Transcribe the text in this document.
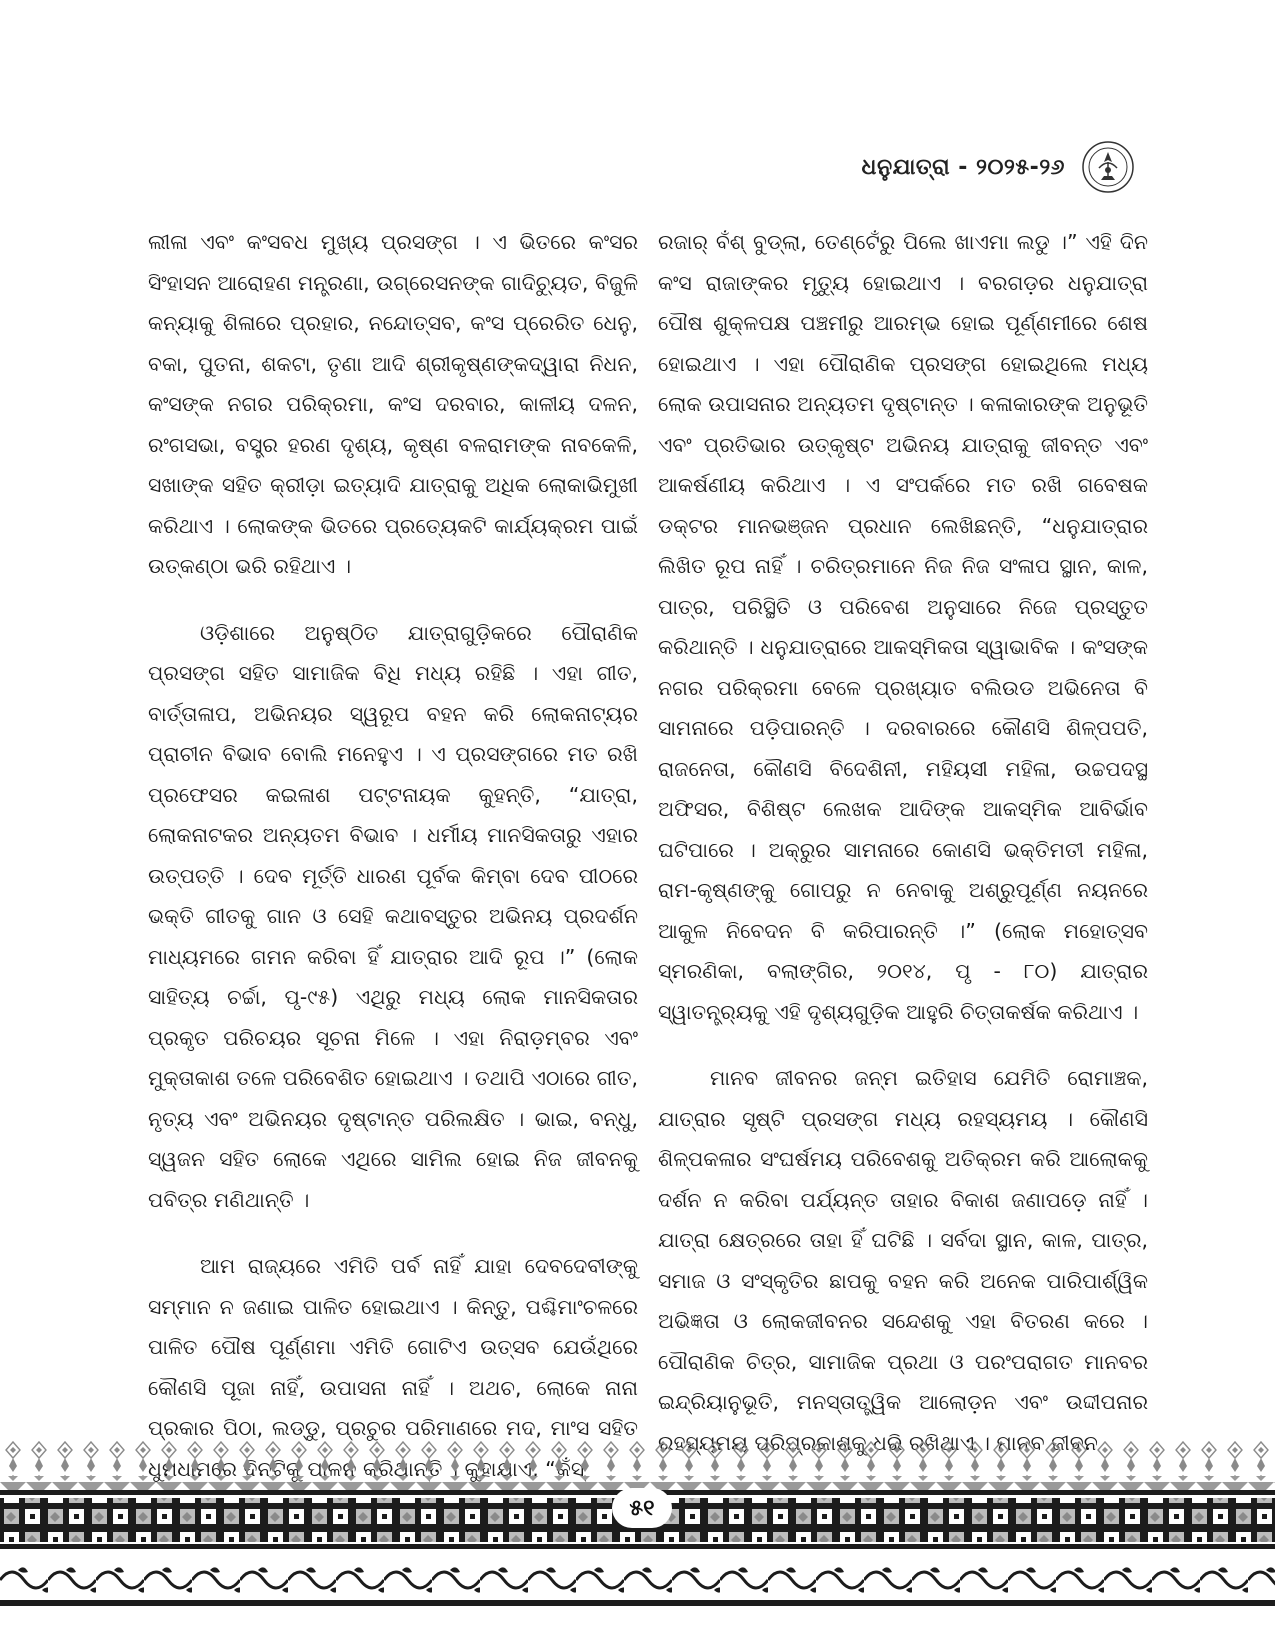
ଧନୁଯାତ୍ରା - ୨୦୨୫-୨୬

ଲୀଳା ଏବଂ କଂସବଧ ମୁଖ୍ୟ ପ୍ରସଙ୍ଗ । ଏ ଭିତରେ କଂସର ସିଂହାସନ ଆରୋହଣ ମନ୍ତ୍ରଣା, ଉଗ୍ରେସନଙ୍କ ଗାଦିଚ୍ୟୁତ, ବିଜୁଳି କନ୍ୟାକୁ ଶିଳାରେ ପ୍ରହାର, ନନ୍ଦୋତ୍ସବ, କଂସ ପ୍ରେରିତ ଧେନୁ, ବକା, ପୁତନା, ଶକଟା, ତୃଣା ଆଦି ଶ୍ରୀକୃଷ୍ଣଙ୍କଦ୍ୱାରା ନିଧନ, କଂସଙ୍କ ନଗର ପରିକ୍ରମା, କଂସ ଦରବାର, କାଳୀୟ ଦଳନ, ରଂଗସଭା, ବସ୍ତ୍ର ହରଣ ଦୃଶ୍ୟ, କୃଷ୍ଣ ବଳରାମଙ୍କ ନାବକେଳି, ସଖାଙ୍କ ସହିତ କ୍ରୀଡ଼ା ଇତ୍ୟାଦି ଯାତ୍ରାକୁ ଅଧିକ ଲୋକାଭିମୁଖୀ କରିଥାଏ । ଲୋକଙ୍କ ଭିତରେ ପ୍ରତ୍ୟେକଟି କାର୍ଯ୍ୟକ୍ରମ ପାଇଁ ଉତ୍କଣ୍ଠା ଭରି ରହିଥାଏ ।

ଓଡ଼ିଶାରେ ଅନୁଷ୍ଠିତ ଯାତ୍ରାଗୁଡ଼ିକରେ ପୌରାଣିକ ପ୍ରସଙ୍ଗ ସହିତ ସାମାଜିକ ବିଧି ମଧ୍ୟ ରହିଛି । ଏହା ଗୀତ, ବାର୍ତ୍ତାଳାପ, ଅଭିନୟର ସ୍ୱରୂପ ବହନ କରି ଲୋକନାଟ୍ୟର ପ୍ରାଚୀନ ବିଭାବ ବୋଲି ମନେହୁଏ । ଏ ପ୍ରସଙ୍ଗରେ ମତ ରଖି ପ୍ରଫେସର କଇଳାଶ ପଟ୍ଟନାୟକ କୁହନ୍ତି, “ଯାତ୍ରା, ଲୋକନାଟକର ଅନ୍ୟତମ ବିଭାବ । ଧର୍ମୀୟ ମାନସିକତାରୁ ଏହାର ଉତ୍ପତ୍ତି । ଦେବ ମୂର୍ତ୍ତି ଧାରଣ ପୂର୍ବକ କିମ୍ବା ଦେବ ପୀଠରେ ଭକ୍ତି ଗୀତକୁ ଗାନ ଓ ସେହି କଥାବସ୍ତୁର ଅଭିନୟ ପ୍ରଦର୍ଶନ ମାଧ୍ୟମରେ ଗମନ କରିବା ହିଁ ଯାତ୍ରାର ଆଦି ରୂପ ।” (ଲୋକ ସାହିତ୍ୟ ଚର୍ଚ୍ଚା, ପୃ-୯୫) ଏଥିରୁ ମଧ୍ୟ ଲୋକ ମାନସିକତାର ପ୍ରକୃତ ପରିଚୟର ସୂଚନା ମିଳେ । ଏହା ନିରାଡ଼ମ୍ବର ଏବଂ ମୁକ୍ତାକାଶ ତଳେ ପରିବେଶିତ ହୋଇଥାଏ । ତଥାପି ଏଠାରେ ଗୀତ, ନୃତ୍ୟ ଏବଂ ଅଭିନୟର ଦୃଷ୍ଟାନ୍ତ ପରିଲକ୍ଷିତ । ଭାଇ, ବନ୍ଧୁ, ସ୍ୱଜନ ସହିତ ଲୋକେ ଏଥିରେ ସାମିଲ ହୋଇ ନିଜ ଜୀବନକୁ ପବିତ୍ର ମଣିଥାନ୍ତି ।

ଆମ ରାଜ୍ୟରେ ଏମିତି ପର୍ବ ନାହିଁ ଯାହା ଦେବଦେବୀଙ୍କୁ ସମ୍ମାନ ନ ଜଣାଇ ପାଳିତ ହୋଇଥାଏ । କିନ୍ତୁ, ପଶ୍ଚିମାଂଚଳରେ ପାଳିତ ପୌଷ ପୂର୍ଣ୍ଣମା ଏମିତି ଗୋଟିଏ ଉତ୍ସବ ଯେଉଁଥିରେ କୌଣସି ପୂଜା ନାହିଁ, ଉପାସନା ନାହିଁ । ଅଥଚ, ଲୋକେ ନାନା ପ୍ରକାର ପିଠା, ଲଡ୍ଡୁ, ପ୍ରଚୁର ପରିମାଣରେ ମଦ, ମାଂସ ସହିତ

ରଜାର୍ ବଁଶ୍ ବୁଡ୍‌ଲା, ତେଣ୍ଟେଁରୁ ପିଲେ ଖାଏମା ଲଡୁ ।” ଏହି ଦିନ କଂସ ରାଜାଙ୍କର ମୃତ୍ୟୁ ହୋଇଥାଏ । ବରଗଡ଼ର ଧନୁଯାତ୍ରା ପୌଷ ଶୁକ୍ଳପକ୍ଷ ପଞ୍ଚମୀରୁ ଆରମ୍ଭ ହୋଇ ପୂର୍ଣ୍ଣମୀରେ ଶେଷ ହୋଇଥାଏ । ଏହା ପୌରାଣିକ ପ୍ରସଙ୍ଗ ହୋଇଥିଲେ ମଧ୍ୟ ଲୋକ ଉପାସନାର ଅନ୍ୟତମ ଦୃଷ୍ଟାନ୍ତ । କଳାକାରଙ୍କ ଅନୁଭୂତି ଏବଂ ପ୍ରତିଭାର ଉତ୍କୃଷ୍ଟ ଅଭିନୟ ଯାତ୍ରାକୁ ଜୀବନ୍ତ ଏବଂ ଆକର୍ଷଣୀୟ କରିଥାଏ । ଏ ସଂପର୍କରେ ମତ ରଖି ଗବେଷକ ଡକ୍ଟର ମାନଭଞ୍ଜନ ପ୍ରଧାନ ଲେଖିଛନ୍ତି, “ଧନୁଯାତ୍ରାର ଲିଖିତ ରୂପ ନାହିଁ । ଚରିତ୍ରମାନେ ନିଜ ନିଜ ସଂଳାପ ସ୍ଥାନ, କାଳ, ପାତ୍ର, ପରିସ୍ଥିତି ଓ ପରିବେଶ ଅନୁସାରେ ନିଜେ ପ୍ରସ୍ତୁତ କରିଥାନ୍ତି । ଧନୁଯାତ୍ରାରେ ଆକସ୍ମିକତା ସ୍ୱାଭାବିକ । କଂସଙ୍କ ନଗର ପରିକ୍ରମା ବେଳେ ପ୍ରଖ୍ୟାତ ବଲିଉଡ ଅଭିନେତା ବି ସାମନାରେ ପଡ଼ିପାରନ୍ତି । ଦରବାରରେ କୌଣସି ଶିଳ୍ପପତି, ରାଜନେତା, କୌଣସି ବିଦେଶିନୀ, ମହିୟସୀ ମହିଳା, ଉଚ୍ଚପଦସ୍ଥ ଅଫିସର, ବିଶିଷ୍ଟ ଲେଖକ ଆଦିଙ୍କ ଆକସ୍ମିକ ଆବିର୍ଭାବ ଘଟିପାରେ । ଅକ୍ରୁର ସାମନାରେ କୋଣସି ଭକ୍ତିମତୀ ମହିଳା, ରାମ-କୃଷ୍ଣଙ୍କୁ ଗୋପରୁ ନ ନେବାକୁ ଅଶ୍ରୁପୂର୍ଣ୍ଣ ନୟନରେ ଆକୁଳ ନିବେଦନ ବି କରିପାରନ୍ତି ।” (ଲୋକ ମହୋତ୍ସବ ସ୍ମରଣିକା, ବଲାଙ୍ଗିର, ୨୦୧୪, ପୃ - ୮୦) ଯାତ୍ରାର ସ୍ୱାତନ୍ତ୍ର୍ୟକୁ ଏହି ଦୃଶ୍ୟଗୁଡ଼ିକ ଆହୁରି ଚିତ୍ତାକର୍ଷକ କରିଥାଏ ।

ମାନବ ଜୀବନର ଜନ୍ମ ଇତିହାସ ଯେମିତି ରୋମାଞ୍ଚକ, ଯାତ୍ରାର ସୃଷ୍ଟି ପ୍ରସଙ୍ଗ ମଧ୍ୟ ରହସ୍ୟମୟ । କୌଣସି ଶିଳ୍ପକଳାର ସଂଘର୍ଷମୟ ପରିବେଶକୁ ଅତିକ୍ରମ କରି ଆଲୋକକୁ ଦର୍ଶନ ନ କରିବା ପର୍ଯ୍ୟନ୍ତ ତାହାର ବିକାଶ ଜଣାପଡ଼େ ନାହିଁ । ଯାତ୍ରା କ୍ଷେତ୍ରରେ ତାହା ହିଁ ଘଟିଛି । ସର୍ବଦା ସ୍ଥାନ, କାଳ, ପାତ୍ର, ସମାଜ ଓ ସଂସ୍କୃତିର ଛାପକୁ ବହନ କରି ଅନେକ ପାରିପାର୍ଶ୍ୱିକ ଅଭିଜ୍ଞତା ଓ ଲୋକଜୀବନର ସନ୍ଦେଶକୁ ଏହା ବିତରଣ କରେ । ପୌରାଣିକ ଚିତ୍ର, ସାମାଜିକ ପ୍ରଥା ଓ ପରଂପରାଗତ ମାନବର ଇନ୍ଦ୍ରିୟାନୁଭୂତି, ମନସ୍ତାତ୍ତ୍ୱିକ ଆଲୋଡ଼ନ ଏବଂ ଉଦ୍ଦୀପନାର

୫୧
